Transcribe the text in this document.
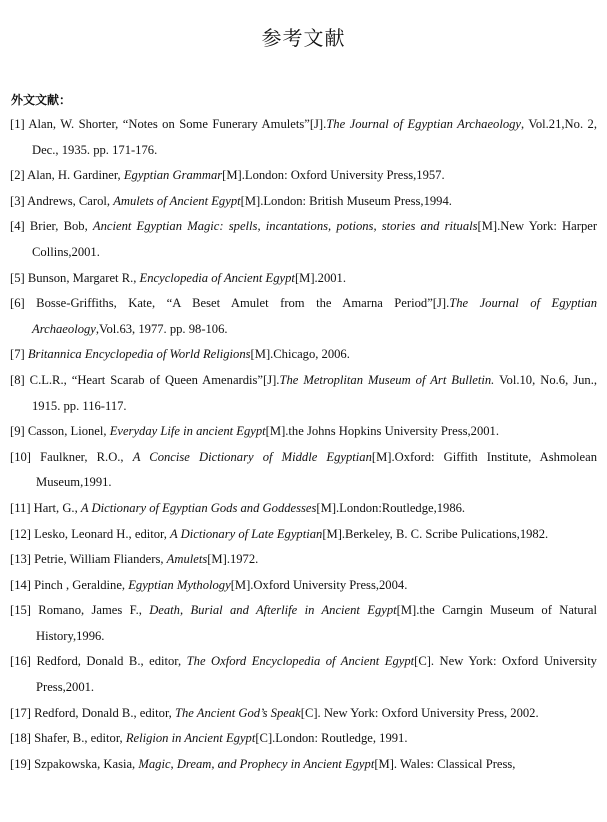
参考文献
外文文献：
[1] Alan, W. Shorter, “Notes on Some Funerary Amulets”[J].The Journal of Egyptian Archaeology, Vol.21,No. 2, Dec., 1935. pp. 171-176.
[2] Alan, H. Gardiner, Egyptian Grammar[M].London: Oxford University Press,1957.
[3] Andrews, Carol, Amulets of Ancient Egypt[M].London: British Museum Press,1994.
[4] Brier, Bob, Ancient Egyptian Magic: spells, incantations, potions, stories and rituals[M].New York: Harper Collins,2001.
[5] Bunson, Margaret R., Encyclopedia of Ancient Egypt[M].2001.
[6] Bosse-Griffiths, Kate, “A Beset Amulet from the Amarna Period”[J].The Journal of Egyptian Archaeology,Vol.63, 1977. pp. 98-106.
[7] Britannica Encyclopedia of World Religions[M].Chicago, 2006.
[8] C.L.R., “Heart Scarab of Queen Amenardis”[J].The Metroplitan Museum of Art Bulletin. Vol.10, No.6, Jun., 1915. pp. 116-117.
[9] Casson, Lionel, Everyday Life in ancient Egypt[M].the Johns Hopkins University Press,2001.
[10] Faulkner, R.O., A Concise Dictionary of Middle Egyptian[M].Oxford: Giffith Institute, Ashmolean Museum,1991.
[11] Hart, G., A Dictionary of Egyptian Gods and Goddesses[M].London:Routledge,1986.
[12] Lesko, Leonard H., editor, A Dictionary of Late Egyptian[M].Berkeley, B. C. Scribe Pulications,1982.
[13] Petrie, William Flianders, Amulets[M].1972.
[14] Pinch , Geraldine, Egyptian Mythology[M].Oxford University Press,2004.
[15] Romano, James F., Death, Burial and Afterlife in Ancient Egypt[M].the Carngin Museum of Natural History,1996.
[16] Redford, Donald B., editor, The Oxford Encyclopedia of Ancient Egypt[C]. New York: Oxford University Press,2001.
[17] Redford, Donald B., editor, The Ancient God’s Speak[C]. New York: Oxford University Press, 2002.
[18] Shafer, B., editor, Religion in Ancient Egypt[C].London: Routledge, 1991.
[19] Szpakowska, Kasia, Magic, Dream, and Prophecy in Ancient Egypt[M]. Wales: Classical Press,
